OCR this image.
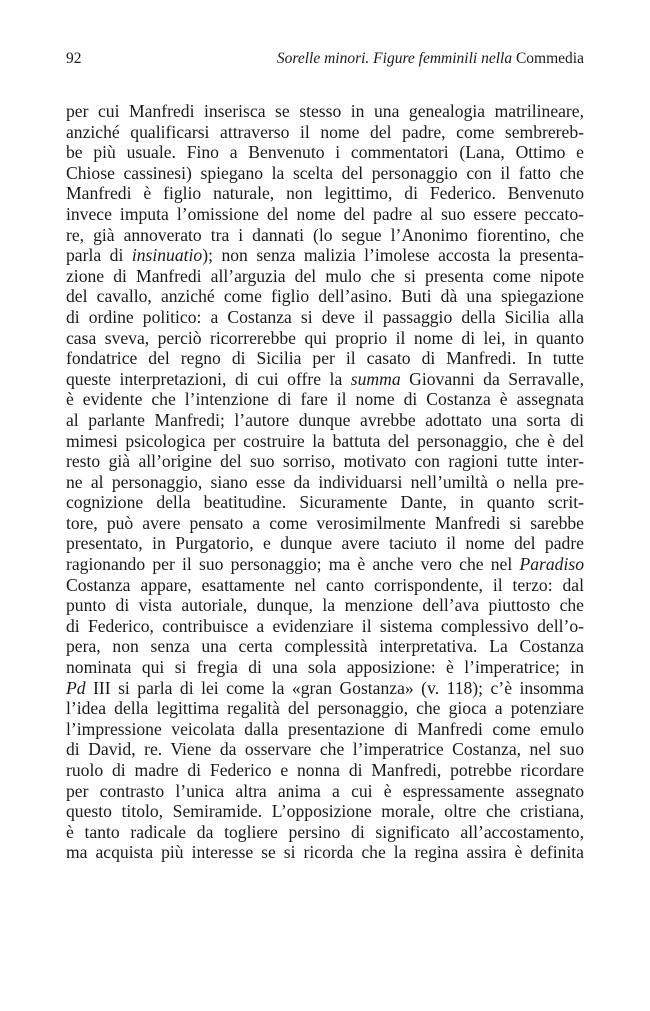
92	Sorelle minori. Figure femminili nella Commedia
per cui Manfredi inserisca se stesso in una genealogia matrilineare,
anziché qualificarsi attraverso il nome del padre, come sembrereb-
be più usuale. Fino a Benvenuto i commentatori (Lana, Ottimo e
Chiose cassinesi) spiegano la scelta del personaggio con il fatto che
Manfredi è figlio naturale, non legittimo, di Federico. Benvenuto
invece imputa l’omissione del nome del padre al suo essere peccato-
re, già annoverato tra i dannati (lo segue l’Anonimo fiorentino, che
parla di insinuatio); non senza malizia l’imolese accosta la presenta-
zione di Manfredi all’arguzia del mulo che si presenta come nipote
del cavallo, anziché come figlio dell’asino. Buti dà una spiegazione
di ordine politico: a Costanza si deve il passaggio della Sicilia alla
casa sveva, perciò ricorrerebbe qui proprio il nome di lei, in quanto
fondatrice del regno di Sicilia per il casato di Manfredi. In tutte
queste interpretazioni, di cui offre la summa Giovanni da Serravalle,
è evidente che l’intenzione di fare il nome di Costanza è assegnata
al parlante Manfredi; l’autore dunque avrebbe adottato una sorta di
mimesi psicologica per costruire la battuta del personaggio, che è del
resto già all’origine del suo sorriso, motivato con ragioni tutte inter-
ne al personaggio, siano esse da individuarsi nell’umiltà o nella pre-
cognizione della beatitudine. Sicuramente Dante, in quanto scrit-
tore, può avere pensato a come verosimilmente Manfredi si sarebbe
presentato, in Purgatorio, e dunque avere taciuto il nome del padre
ragionando per il suo personaggio; ma è anche vero che nel Paradiso
Costanza appare, esattamente nel canto corrispondente, il terzo: dal
punto di vista autoriale, dunque, la menzione dell’ava piuttosto che
di Federico, contribuisce a evidenziare il sistema complessivo dell’o-
pera, non senza una certa complessità interpretativa. La Costanza
nominata qui si fregia di una sola apposizione: è l’imperatrice; in
Pd III si parla di lei come la «gran Gostanza» (v. 118); c’è insomma
l’idea della legittima regalità del personaggio, che gioca a potenziare
l’impressione veicolata dalla presentazione di Manfredi come emulo
di David, re. Viene da osservare che l’imperatrice Costanza, nel suo
ruolo di madre di Federico e nonna di Manfredi, potrebbe ricordare
per contrasto l’unica altra anima a cui è espressamente assegnato
questo titolo, Semiramide. L’opposizione morale, oltre che cristiana,
è tanto radicale da togliere persino di significato all’accostamento,
ma acquista più interesse se si ricorda che la regina assira è definita
